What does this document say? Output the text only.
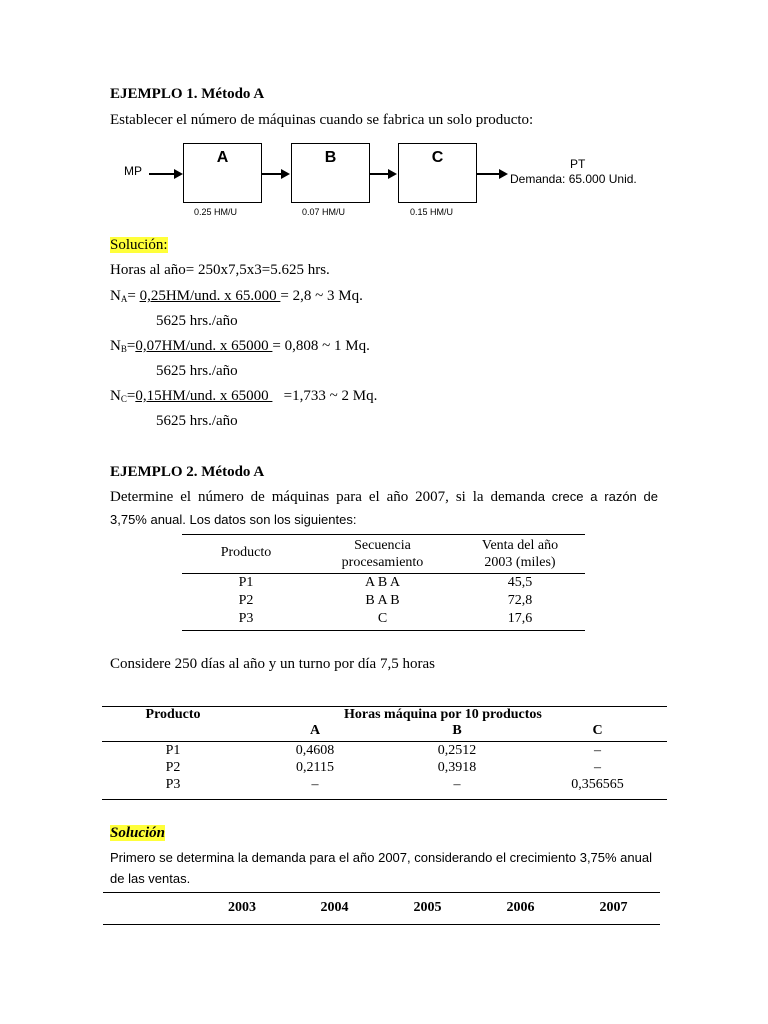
EJEMPLO 1. Método A
Establecer el número de máquinas cuando se fabrica un solo producto:
MP
A	B	C	PT
Demanda: 65.000 Unid.
0.25 HM/U	0.07 HM/U	0.15 HM/U
Solución:
Horas al año= 250x7,5x3=5.625 hrs.
$N_A= 0,25HM/und$. x 65.000 = 2,8 ~ 3 Mq.
5625 hrs./año
$N_B=0,07HM$/und. x 65000 = 0,808 ~ 1 Mq.
5625 hrs./año
$N_C=0,15HM$/und. x 65000    =1,733 ~ 2 Mq.
5625 hrs./año
EJEMPLO 2. Método A
Determine el número de máquinas para el año 2007, si la demanda crece a razón de
3,75% anual. Los datos son los siguientes:
Producto	Secuencia
procesamiento
Venta del año
2003 (miles)
P1	A B A	45,5
P2	B A B	72,8
P3	C	17,6
Considere 250 días al año y un turno por día 7,5 horas
Producto	Horas máquina por 10 productos
A	B	C
P1	0,4608	0,2512	–
P2	0,2115	0,3918	–
P3	–	–	0,356565
Solución
Primero se determina la demanda para el año 2007, considerando el crecimiento 3,75% anual
de las ventas.
2003	2004	2005	2006	2007
